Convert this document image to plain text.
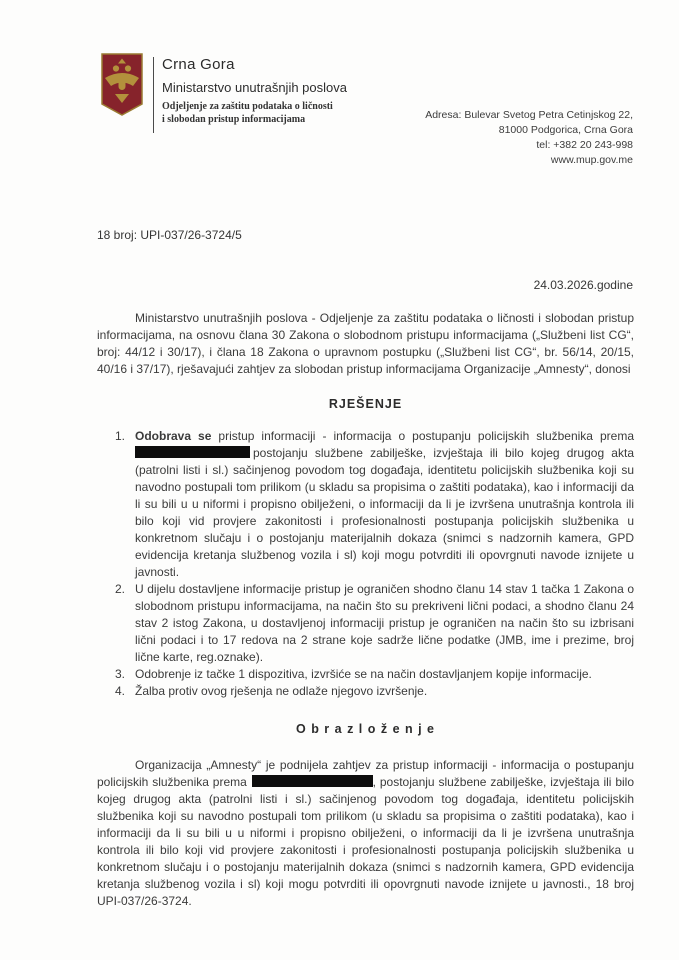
Crna Gora
Ministarstvo unutrašnjih poslova
Odjeljenje za zaštitu podataka o ličnosti
i slobodan pristup informacijama	Adresa: Bulevar Svetog Petra Cetinjskog 22,
81000 Podgorica, Crna Gora
tel: +382 20 243-998
www.mup.gov.me
18 broj: UPI-037/26-3724/5
24.03.2026.godine

Ministarstvo unutrašnjih poslova - Odjeljenje za zaštitu podataka o ličnosti i slobodan pristup informacijama, na osnovu člana 30 Zakona o slobodnom pristupu informacijama („Službeni list CG“, broj: 44/12 i 30/17), i člana 18 Zakona o upravnom postupku („Službeni list CG“, br. 56/14, 20/15, 40/16 i 37/17), rješavajući zahtjev za slobodan pristup informacijama Organizacije „Amnesty“, donosi

RJEŠENJE
1. Odobrava se pristup informaciji - informacija o postupanju policijskih službenika prema postojanju službene zabilješke, izvještaja ili bilo kojeg drugog akta (patrolni listi i sl.) sačinjenog povodom tog događaja, identitetu policijskih službenika koji su navodno postupali tom prilikom (u skladu sa propisima o zaštiti podataka), kao i informaciji da li su bili u u niformi i propisno obilježeni, o informaciji da li je izvršena unutrašnja kontrola ili bilo koji vid provjere zakonitosti i profesionalnosti postupanja policijskih službenika u konkretnom slučaju i o postojanju materijalnih dokaza (snimci s nadzornih kamera, GPD evidencija kretanja službenog vozila i sl) koji mogu potvrditi ili opovrgnuti navode iznijete u javnosti.
2. U dijelu dostavljene informacije pristup je ograničen shodno članu 14 stav 1 tačka 1 Zakona o slobodnom pristupu informacijama, na način što su prekriveni lični podaci, a shodno članu 24 stav 2 istog Zakona, u dostavljenoj informaciji pristup je ograničen na način što su izbrisani lični podaci i to 17 redova na 2 strane koje sadrže lične podatke (JMB, ime i prezime, broj lične karte, reg.oznake).
3. Odobrenje iz tačke 1 dispozitiva, izvršiće se na način dostavljanjem kopije informacije.
4. Žalba protiv ovog rješenja ne odlaže njegovo izvršenje.
O b r a z l o ž e n j e

Organizacija „Amnesty“ je podnijela zahtjev za pristup informaciji - informacija o postupanju policijskih službenika prema	, postojanju službene zabilješke, izvještaja ili bilo kojeg drugog akta (patrolni listi i sl.) sačinjenog povodom tog događaja, identitetu policijskih službenika koji su navodno postupali tom prilikom (u skladu sa propisima o zaštiti podataka), kao i informaciji da li su bili u u niformi i propisno obilježeni, o informaciji da li je izvršena unutrašnja kontrola ili bilo koji vid provjere zakonitosti i profesionalnosti postupanja policijskih službenika u konkretnom slučaju i o postojanju materijalnih dokaza (snimci s nadzornih kamera, GPD evidencija kretanja službenog vozila i sl) koji mogu potvrditi ili opovrgnuti navode iznijete u javnosti., 18 broj UPI-037/26-3724.
